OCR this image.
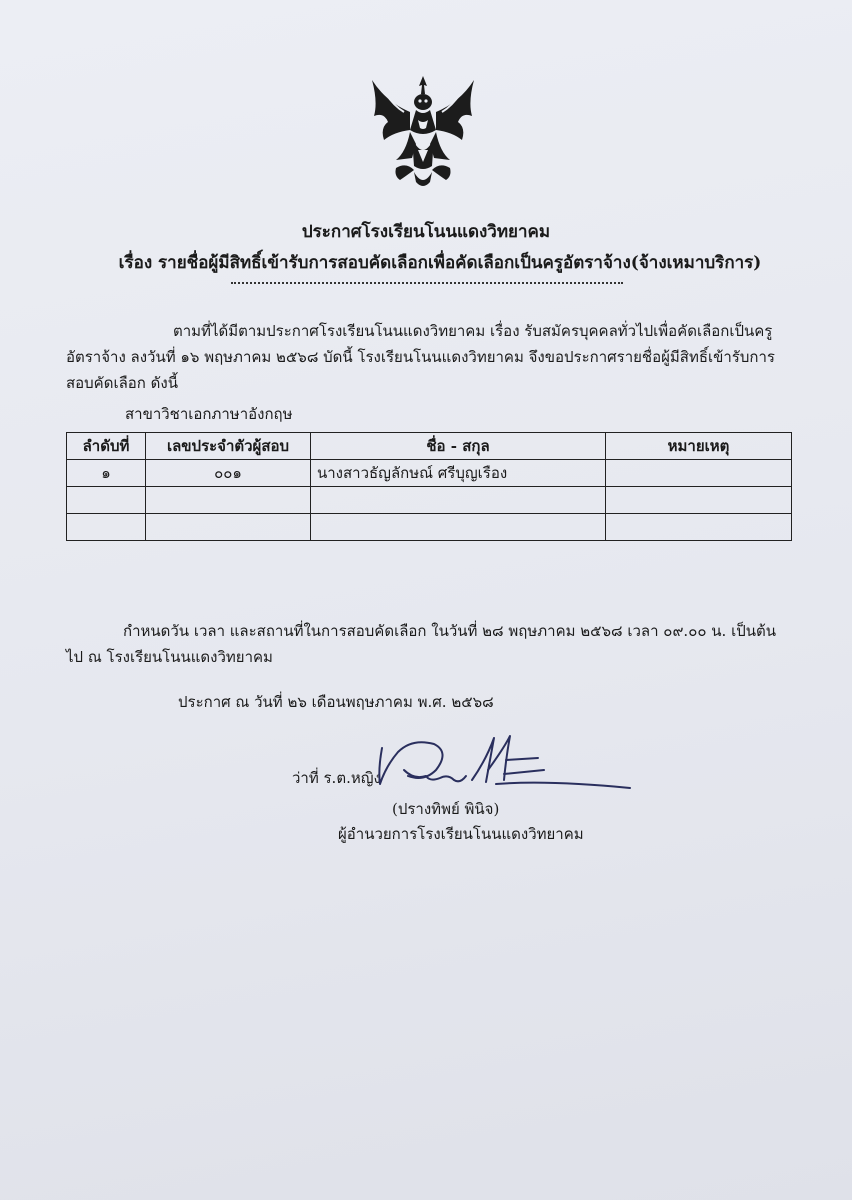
ประกาศโรงเรียนโนนแดงวิทยาคม
เรื่อง รายชื่อผู้มีสิทธิ์เข้ารับการสอบคัดเลือกเพื่อคัดเลือกเป็นครูอัตราจ้าง(จ้างเหมาบริการ)
ตามที่ได้มีตามประกาศโรงเรียนโนนแดงวิทยาคม เรื่อง รับสมัครบุคคลทั่วไปเพื่อคัดเลือกเป็นครูอัตราจ้าง ลงวันที่ ๑๖ พฤษภาคม ๒๕๖๘ บัดนี้ โรงเรียนโนนแดงวิทยาคม จึงขอประกาศรายชื่อผู้มีสิทธิ์เข้ารับการสอบคัดเลือก ดังนี้
สาขาวิชาเอกภาษาอังกฤษ
ลำดับที่	เลขประจำตัวผู้สอบ	ชื่อ - สกุล	หมายเหตุ
๑	๐๐๑	นางสาวธัญลักษณ์ ศรีบุญเรือง	

กำหนดวัน เวลา และสถานที่ในการสอบคัดเลือก ในวันที่ ๒๘ พฤษภาคม ๒๕๖๘ เวลา ๐๙.๐๐ น. เป็นต้นไป ณ โรงเรียนโนนแดงวิทยาคม
ประกาศ ณ วันที่ ๒๖ เดือนพฤษภาคม พ.ศ. ๒๕๖๘
ว่าที่ ร.ต.หญิง
(ปรางทิพย์ พินิจ)
ผู้อำนวยการโรงเรียนโนนแดงวิทยาคม
